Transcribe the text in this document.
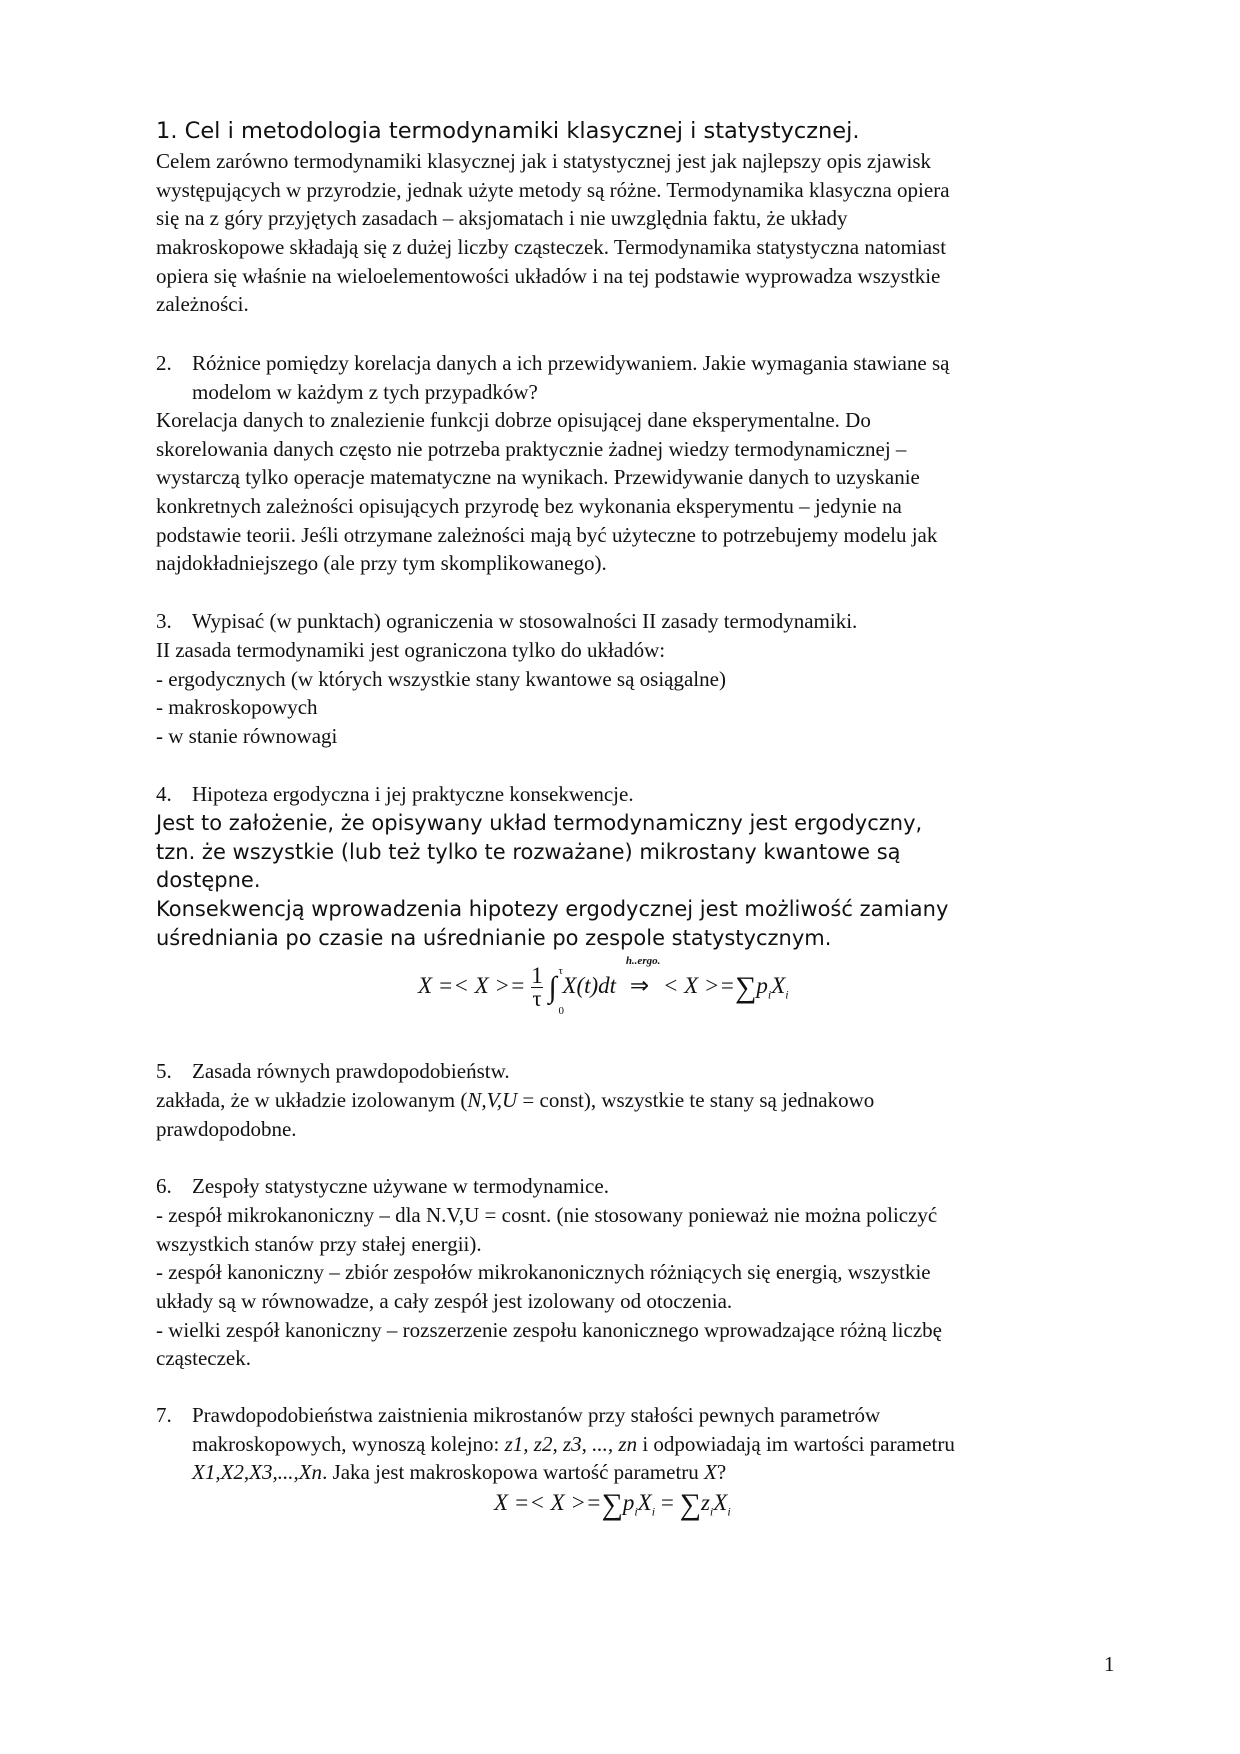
1. Cel i metodologia termodynamiki klasycznej i statystycznej.
Celem zarówno termodynamiki klasycznej jak i statystycznej jest jak najlepszy opis zjawisk
występujących w przyrodzie, jednak użyte metody są różne. Termodynamika klasyczna opiera
się na z góry przyjętych zasadach – aksjomatach i nie uwzględnia faktu, że układy
makroskopowe składają się z dużej liczby cząsteczek. Termodynamika statystyczna natomiast
opiera się właśnie na wieloelementowości układów i na tej podstawie wyprowadza wszystkie
zależności.
2. Różnice pomiędzy korelacja danych a ich przewidywaniem. Jakie wymagania stawiane są
modelom w każdym z tych przypadków?
Korelacja danych to znalezienie funkcji dobrze opisującej dane eksperymentalne. Do
skorelowania danych często nie potrzeba praktycznie żadnej wiedzy termodynamicznej –
wystarczą tylko operacje matematyczne na wynikach. Przewidywanie danych to uzyskanie
konkretnych zależności opisujących przyrodę bez wykonania eksperymentu – jedynie na
podstawie teorii. Jeśli otrzymane zależności mają być użyteczne to potrzebujemy modelu jak
najdokładniejszego (ale przy tym skomplikowanego).
3. Wypisać (w punktach) ograniczenia w stosowalności II zasady termodynamiki.
II zasada termodynamiki jest ograniczona tylko do układów:
- ergodycznych (w których wszystkie stany kwantowe są osiągalne)
- makroskopowych
- w stanie równowagi
4. Hipoteza ergodyczna i jej praktyczne konsekwencje.
Jest to założenie, że opisywany układ termodynamiczny jest ergodyczny,
tzn. że wszystkie (lub też tylko te rozważane) mikrostany kwantowe są
dostępne.
Konsekwencją wprowadzenia hipotezy ergodycznej jest możliwość zamiany
uśredniania po czasie na uśrednianie po zespole statystycznym.
$X =< X >= \frac{1}{\tau}$ ∫ τ
0
X(t)dt
h..ergo.
⇒ < $X >=\sum p_iX_i$
5. Zasada równych prawdopodobieństw.
zakłada, że w układzie izolowanym (N,V,U = const), wszystkie te stany są jednakowo
prawdopodobne.
6. Zespoły statystyczne używane w termodynamice.
- zespół mikrokanoniczny – dla N.V,U = cosnt. (nie stosowany ponieważ nie można policzyć
wszystkich stanów przy stałej energii).
- zespół kanoniczny – zbiór zespołów mikrokanonicznych różniących się energią, wszystkie
układy są w równowadze, a cały zespół jest izolowany od otoczenia.
- wielki zespół kanoniczny – rozszerzenie zespołu kanonicznego wprowadzające różną liczbę
cząsteczek.
7. Prawdopodobieństwa zaistnienia mikrostanów przy stałości pewnych parametrów
makroskopowych, wynoszą kolejno: z1, z2, z3, ..., zn i odpowiadają im wartości parametru
X1,X2,X3,...,Xn. Jaka jest makroskopowa wartość parametru X?
$X =< X >=\sum p_iX_i = \sum z_iX_i$
1
